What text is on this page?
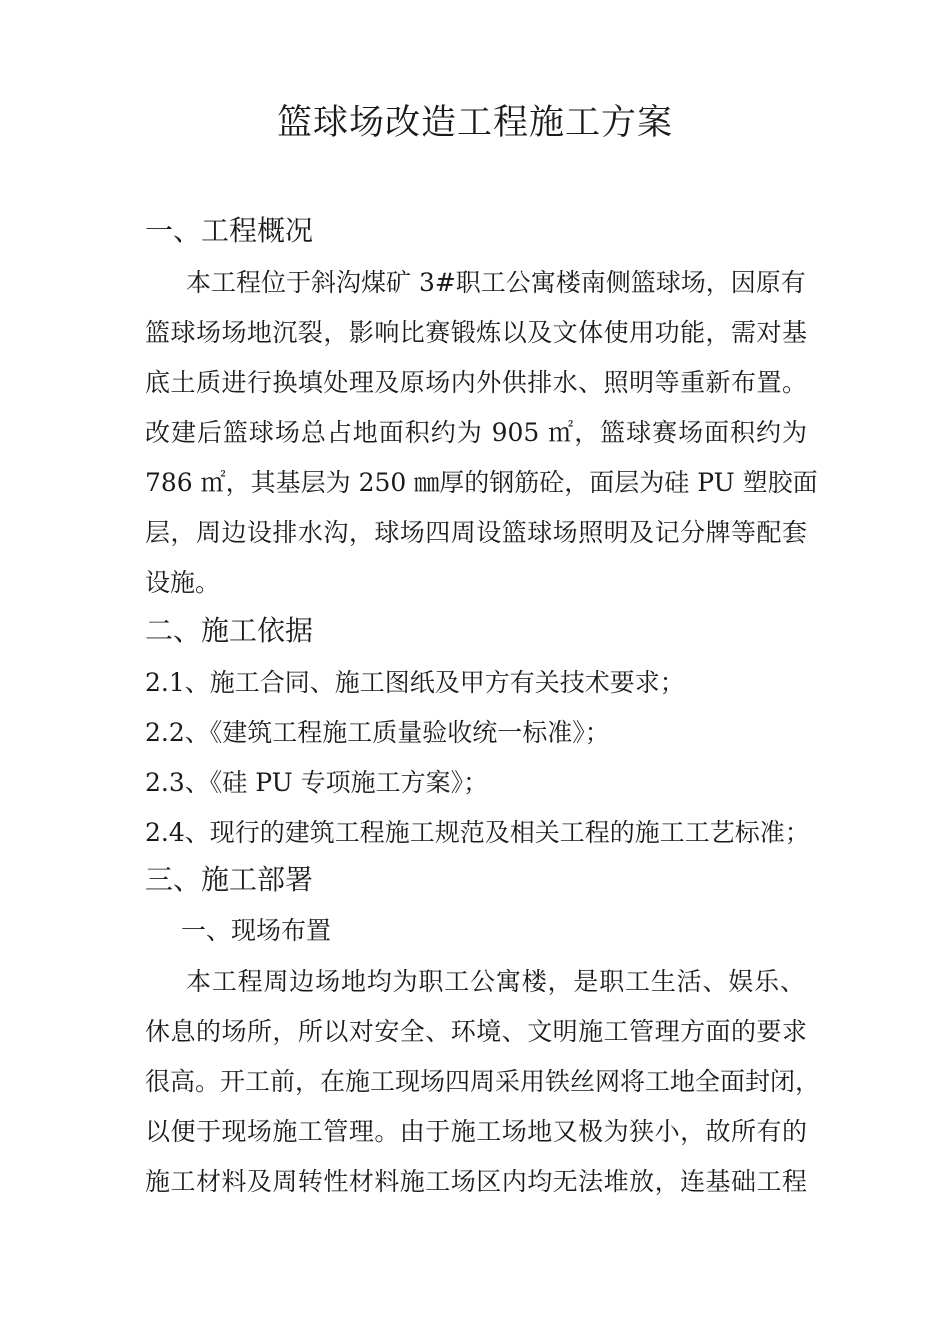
篮球场改造工程施工方案
一、工程概况
本工程位于斜沟煤矿 3#职工公寓楼南侧篮球场，因原有
篮球场场地沉裂，影响比赛锻炼以及文体使用功能，需对基
底土质进行换填处理及原场内外供排水、照明等重新布置。
改建后篮球场总占地面积约为 905 ㎡，篮球赛场面积约为
786 ㎡，其基层为 250 ㎜厚的钢筋砼，面层为硅 PU 塑胶面
层，周边设排水沟，球场四周设篮球场照明及记分牌等配套
设施。
二、施工依据
2.1、施工合同、施工图纸及甲方有关技术要求；
2.2、《建筑工程施工质量验收统一标准》；
2.3、《硅 PU 专项施工方案》；
2.4、现行的建筑工程施工规范及相关工程的施工工艺标准；
三、施工部署
一、现场布置
本工程周边场地均为职工公寓楼，是职工生活、娱乐、
休息的场所，所以对安全、环境、文明施工管理方面的要求
很高。开工前，在施工现场四周采用铁丝网将工地全面封闭，
以便于现场施工管理。由于施工场地又极为狭小，故所有的
施工材料及周转性材料施工场区内均无法堆放，连基础工程
